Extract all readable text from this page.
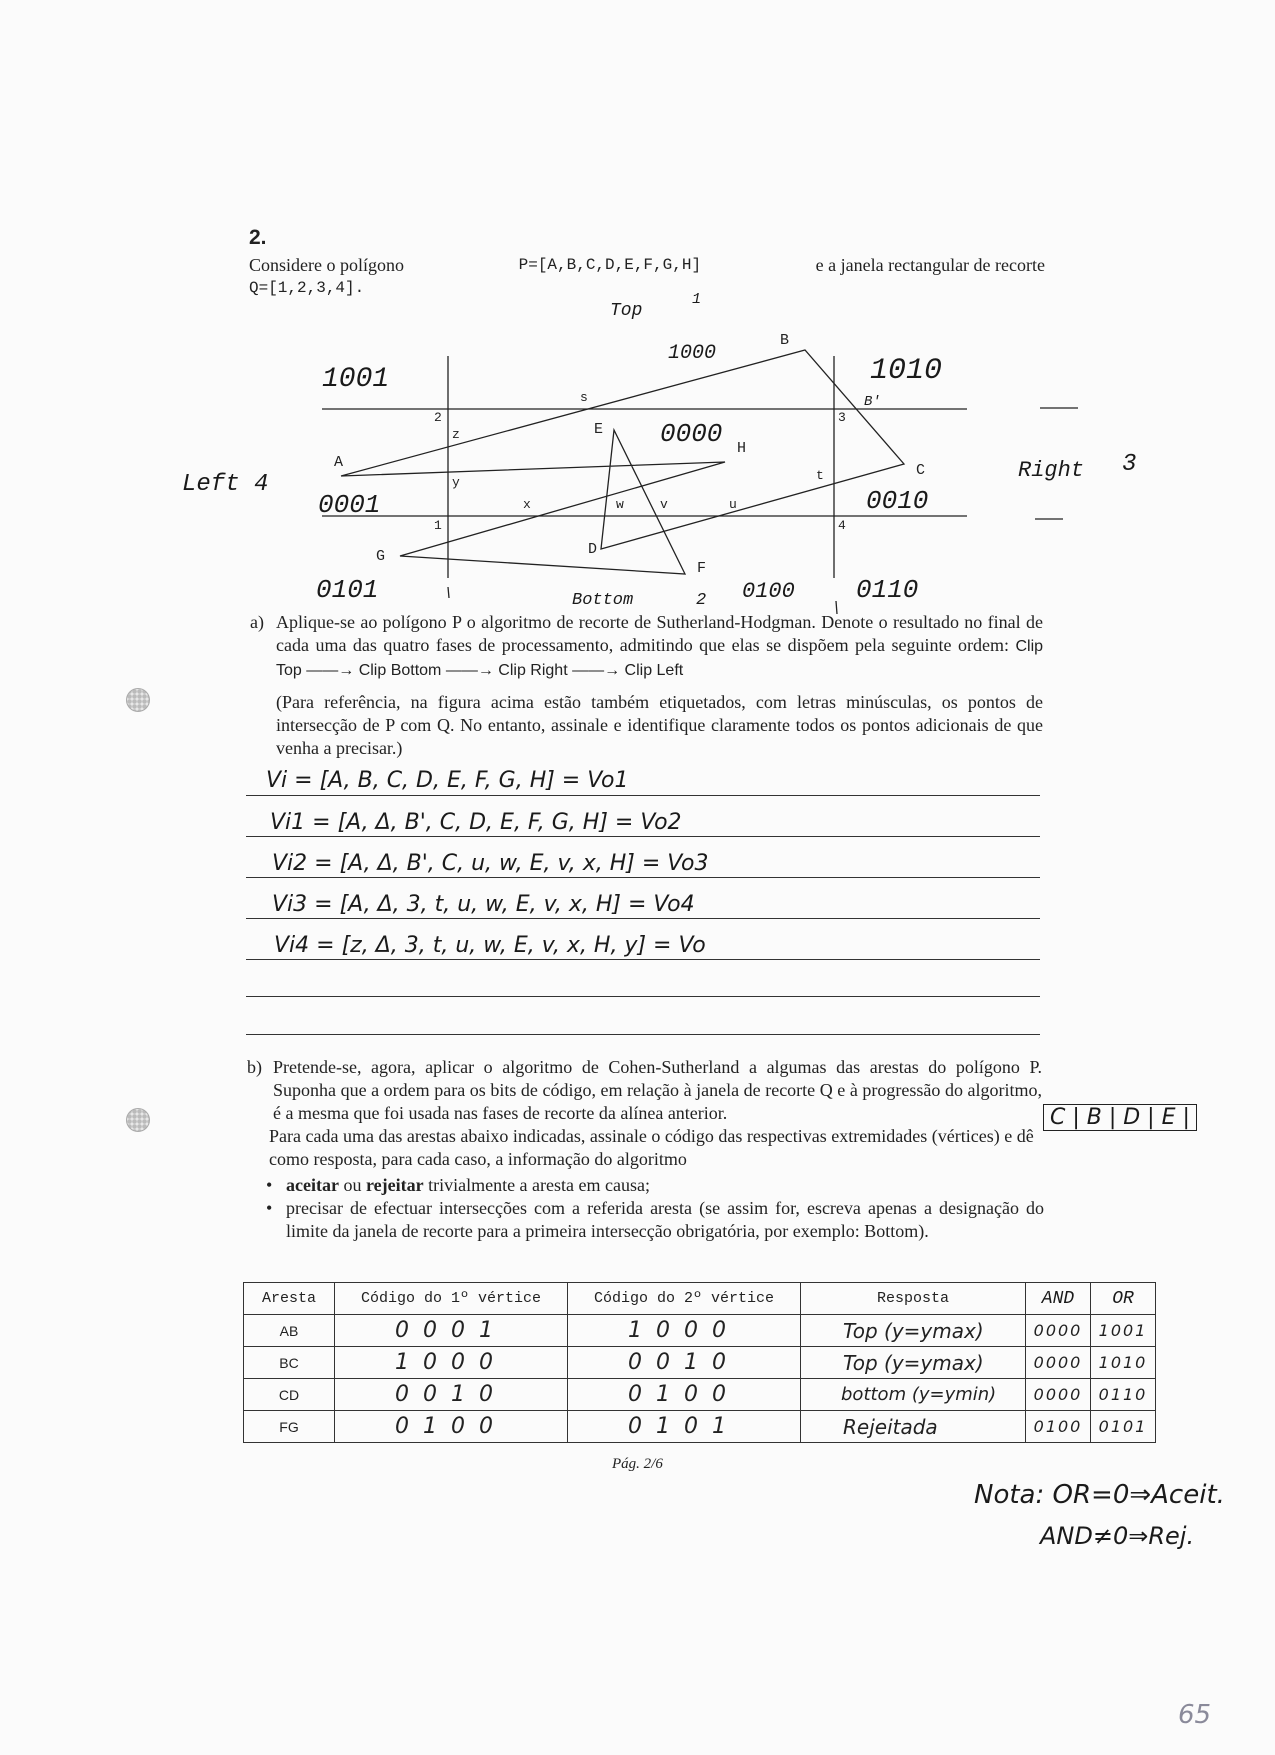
2.
Considere o polígono	P=[A,B,C,D,E,F,G,H]	e a janela rectangular de recorte
Q=[1,2,3,4].
A
B
C
D
E
F
G
H
1
2	3
4
s
t
u
v
w
x
y
z
Top
1
Left 4
Right 3
Bottom	2
1001
1000
1010
B'
0000
0001	0010
0101	0100 0110
a) Aplique-se ao polígono P o algoritmo de recorte de Sutherland-Hodgman. Denote o resultado no final de cada uma das quatro fases de processamento, admitindo que elas se dispõem pela seguinte ordem: Clip Top ——→ Clip Bottom ——→ Clip Right ——→ Clip Left
(Para referência, na figura acima estão também etiquetados, com letras minúsculas, os pontos de intersecção de P com Q. No entanto, assinale e identifique claramente todos os pontos adicionais de que venha a precisar.)
Vi = [A, B, C, D, E, F, G, H] = Vo1
Vi1 = [A, Δ, B', C, D, E, F, G, H] = Vo2
Vi2 = [A, Δ, B', C, u, w, E, v, x, H] = Vo3
Vi3 = [A, Δ, 3, t, u, w, E, v, x, H] = Vo4
Vi4 = [z, Δ, 3, t, u, w, E, v, x, H, y] = Vo
b) Pretende-se, agora, aplicar o algoritmo de Cohen-Sutherland a algumas das arestas do polígono P. Suponha que a ordem para os bits de código, em relação à janela de recorte Q e à progressão do algoritmo, é a mesma que foi usada nas fases de recorte da alínea anterior.
Para cada uma das arestas abaixo indicadas, assinale o código das respectivas extremidades (vértices) e dê como resposta, para cada caso, a informação do algoritmo
C | B | D | E |
• aceitar ou rejeitar trivialmente a aresta em causa;
• precisar de efectuar intersecções com a referida aresta (se assim for, escreva apenas a designação do limite da janela de recorte para a primeira intersecção obrigatória, por exemplo: Bottom).
Aresta	Código do 1º vértice	Código do 2º vértice	Resposta	AND	OR
AB	0001	1000	Top (y=ymax)	0000	1001
BC	1000	0010	Top (y=ymax)	0000	1010
CD	0010	0100	bottom (y=ymin)	0000	0110
FG	0100	0101	Rejeitada	0100	0101
Pág. 2/6
Nota: OR=0⇒Aceit.
AND≠0⇒Rej.
65
